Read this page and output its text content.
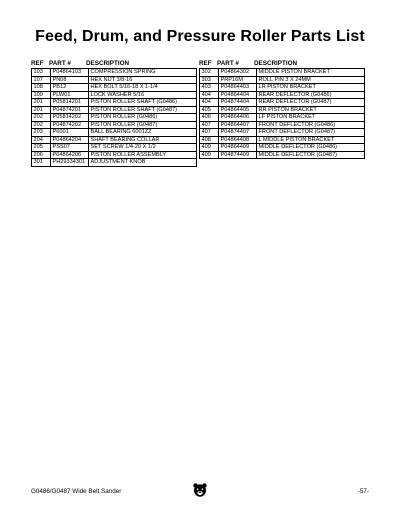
Feed, Drum, and Pressure Roller Parts List
REF PART #	DESCRIPTION
103	P04864103	COMPRESSION SPRING
107	PN08	HEX NUT 3/8-16
108	PB12	HEX BOLT 5/16-18 X 1-1/4
109	PLW01	LOCK WASHER 5/16
201	P05814201	PISTON ROLLER SHAFT (G0486)
201	P04874201	PISTON ROLLER SHAFT (G0487)
202	P05814202	PISTON ROLLER (G0486)
202	P04874202	PISTON ROLLER (G0487)
203	P6001	BALL BEARING 6001ZZ
204	P04864204	SHAFT BEARING COLLAR
205	PSS07	SET SCREW 1/4-20 X 1/2
206	P04864206	PISTON ROLLER ASSEMBLY
301	PH29334301	ADJUSTMENT KNOB
REF PART #	DESCRIPTION
302	P04864302	MIDDLE PISTON BRACKET
303	PRP16M	ROLL PIN 3 X 24MM
403	P04864403	LR PISTON BRACKET
404	P04864404	REAR DEFLECTOR (G0486)
404	P04874404	REAR DEFLECTOR (G0487)
405	P04864405	RR PISTON BRACKET
406	P04864406	LF PISTON BRACKET
407	P04864407	FRONT DEFLECTOR (G0486)
407	P04874407	FRONT DEFLECTOR (G0487)
408	P04864408	L MIDDLE PISTON BRACKET
409	P04864409	MIDDLE DEFLECTOR (G0486)
409	P04874409	MIDDLE DEFLECTOR (G0487)
G0486/G0487 Wide Belt Sander	-57-
